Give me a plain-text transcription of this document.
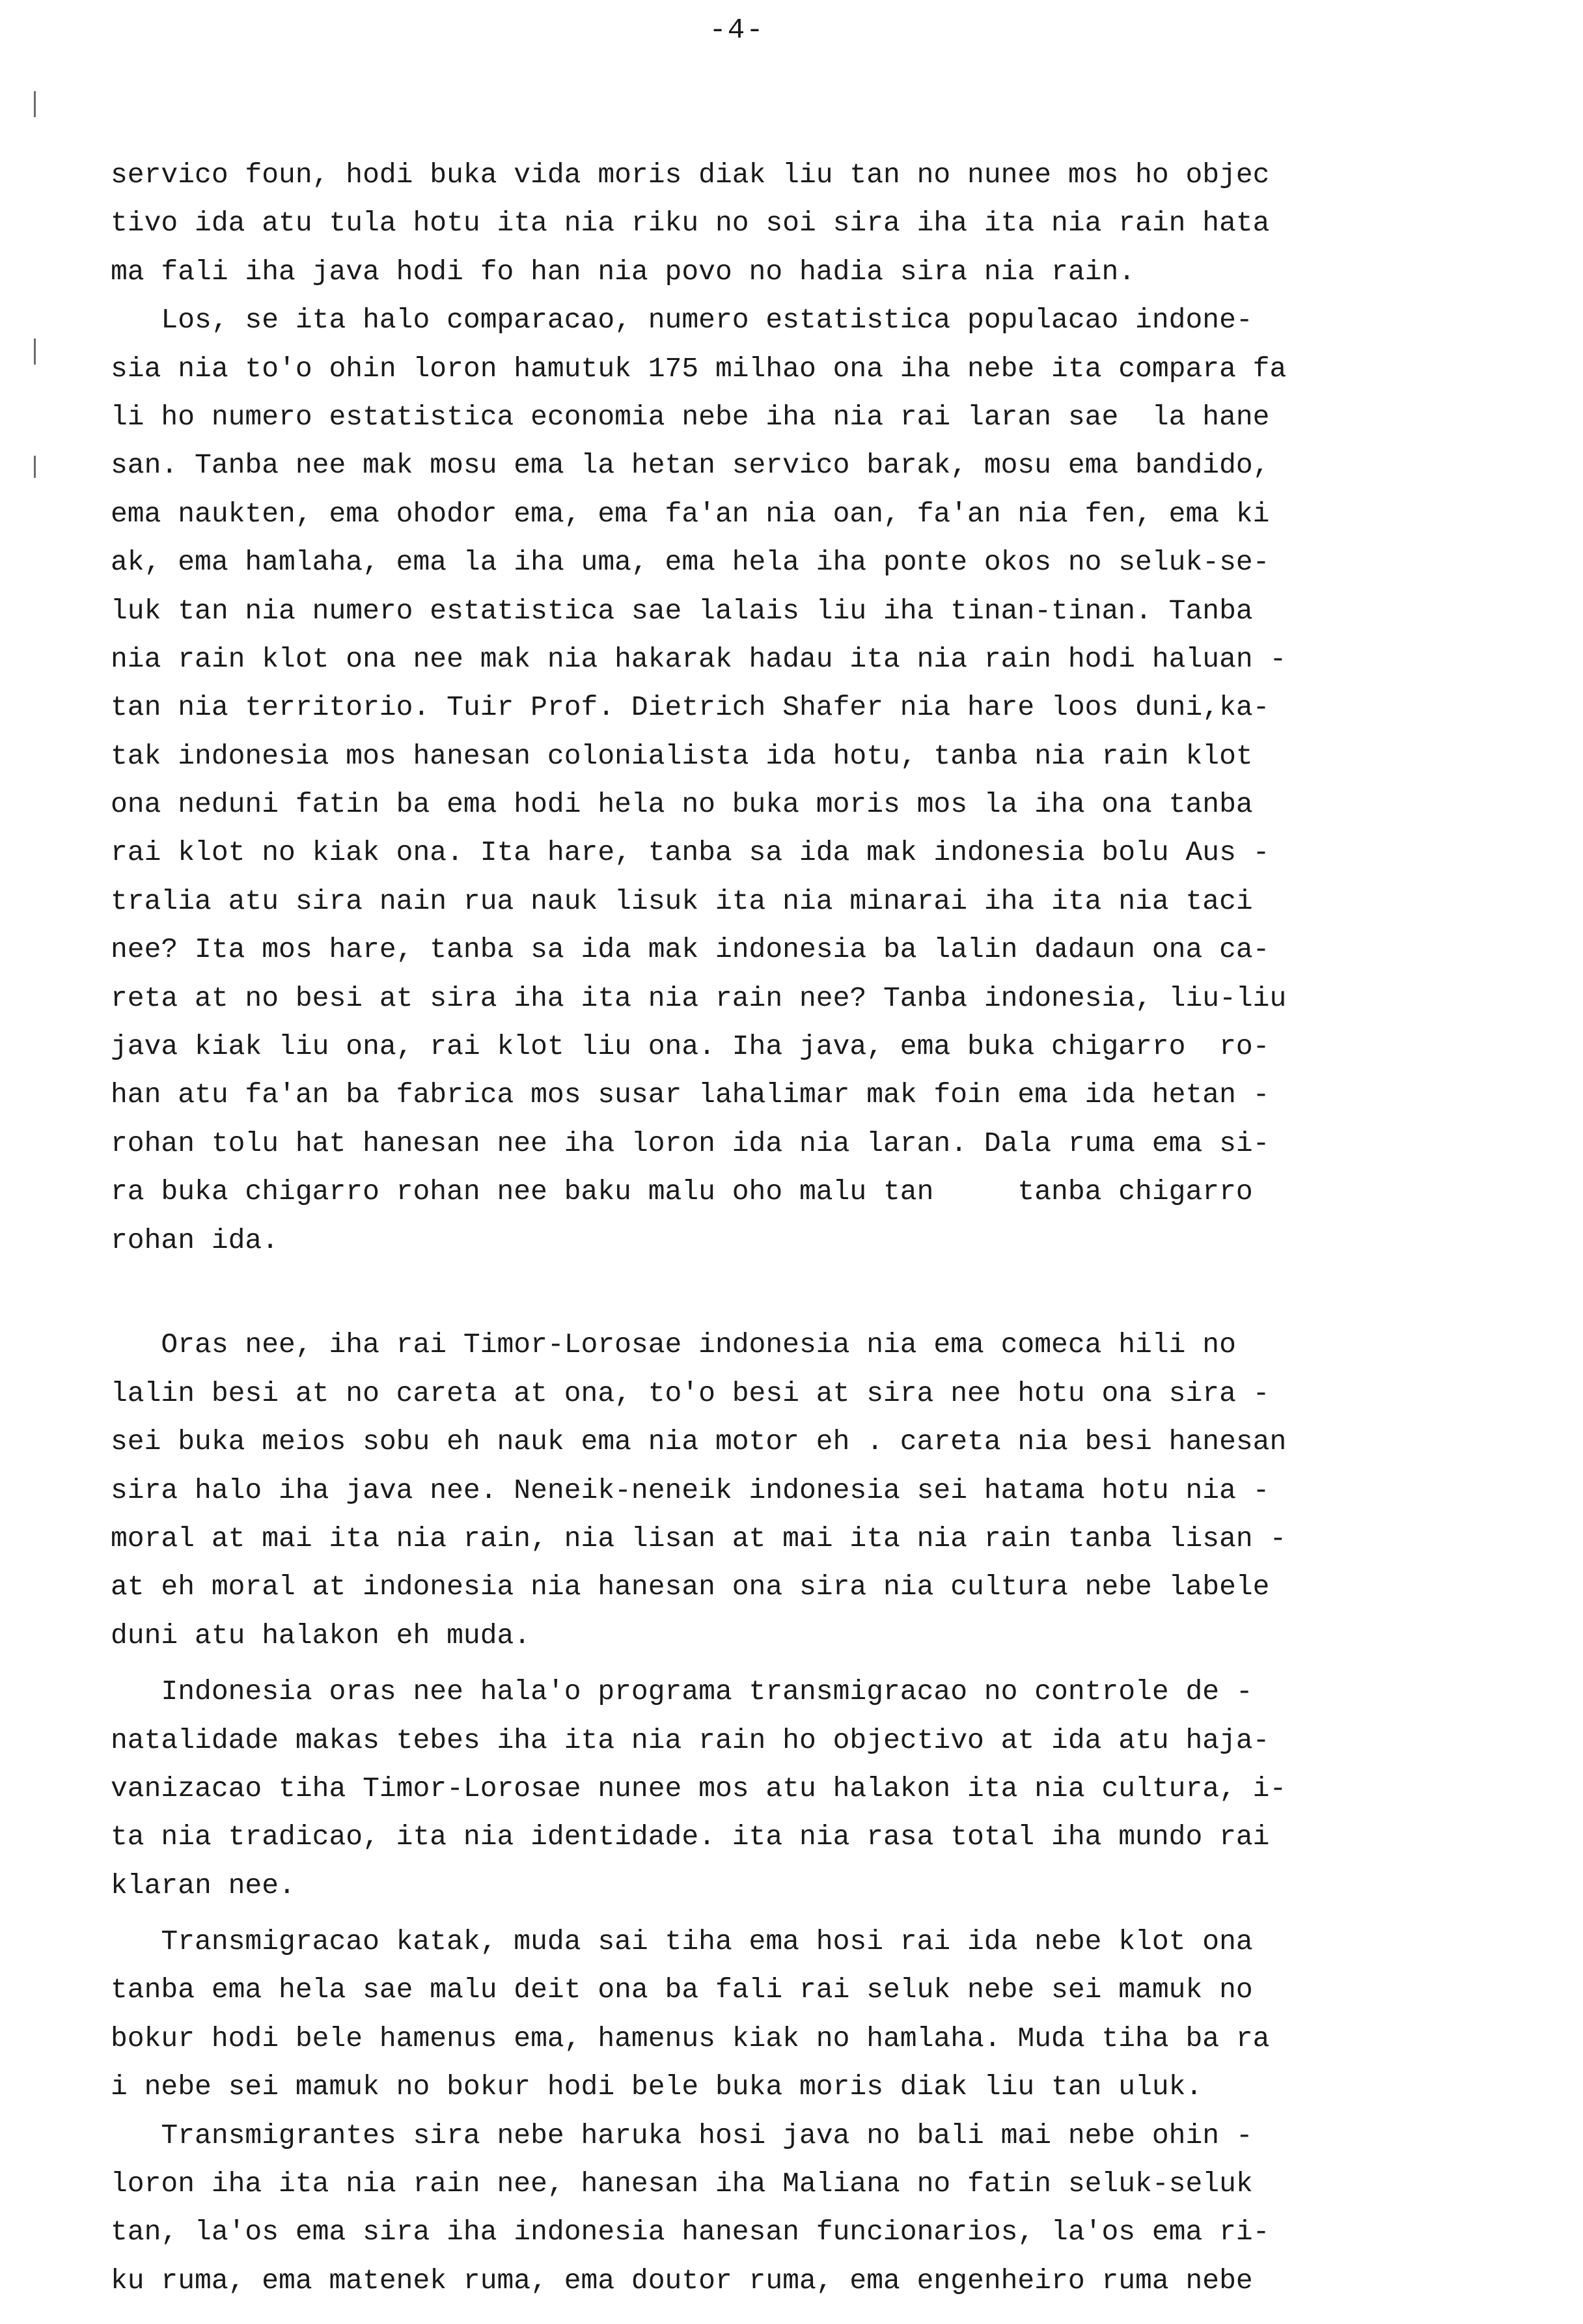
-4-
servico foun, hodi buka vida moris diak liu tan no nunee mos ho objec
tivo ida atu tula hotu ita nia riku no soi sira iha ita nia rain hata
ma fali iha java hodi fo han nia povo no hadia sira nia rain.
Los, se ita halo comparacao, numero estatistica populacao indone-
sia nia to'o ohin loron hamutuk 175 milhao ona iha nebe ita compara fa
li ho numero estatistica economia nebe iha nia rai laran sae  la hane
san. Tanba nee mak mosu ema la hetan servico barak, mosu ema bandido,
ema naukten, ema ohodor ema, ema fa'an nia oan, fa'an nia fen, ema ki
ak, ema hamlaha, ema la iha uma, ema hela iha ponte okos no seluk-se-
luk tan nia numero estatistica sae lalais liu iha tinan-tinan. Tanba
nia rain klot ona nee mak nia hakarak hadau ita nia rain hodi haluan -
tan nia territorio. Tuir Prof. Dietrich Shafer nia hare loos duni,ka-
tak indonesia mos hanesan colonialista ida hotu, tanba nia rain klot
ona neduni fatin ba ema hodi hela no buka moris mos la iha ona tanba
rai klot no kiak ona. Ita hare, tanba sa ida mak indonesia bolu Aus -
tralia atu sira nain rua nauk lisuk ita nia minarai iha ita nia taci
nee? Ita mos hare, tanba sa ida mak indonesia ba lalin dadaun ona ca-
reta at no besi at sira iha ita nia rain nee? Tanba indonesia, liu-liu
java kiak liu ona, rai klot liu ona. Iha java, ema buka chigarro  ro-
han atu fa'an ba fabrica mos susar lahalimar mak foin ema ida hetan -
rohan tolu hat hanesan nee iha loron ida nia laran. Dala ruma ema si-
ra buka chigarro rohan nee baku malu oho malu tan     tanba chigarro
rohan ida.
Oras nee, iha rai Timor-Lorosae indonesia nia ema comeca hili no
lalin besi at no careta at ona, to'o besi at sira nee hotu ona sira -
sei buka meios sobu eh nauk ema nia motor eh . careta nia besi hanesan
sira halo iha java nee. Neneik-neneik indonesia sei hatama hotu nia -
moral at mai ita nia rain, nia lisan at mai ita nia rain tanba lisan -
at eh moral at indonesia nia hanesan ona sira nia cultura nebe labele
duni atu halakon eh muda.
Indonesia oras nee hala'o programa transmigracao no controle de -
natalidade makas tebes iha ita nia rain ho objectivo at ida atu haja-
vanizacao tiha Timor-Lorosae nunee mos atu halakon ita nia cultura, i-
ta nia tradicao, ita nia identidade. ita nia rasa total iha mundo rai
klaran nee.
Transmigracao katak, muda sai tiha ema hosi rai ida nebe klot ona
tanba ema hela sae malu deit ona ba fali rai seluk nebe sei mamuk no
bokur hodi bele hamenus ema, hamenus kiak no hamlaha. Muda tiha ba ra
i nebe sei mamuk no bokur hodi bele buka moris diak liu tan uluk.
Transmigrantes sira nebe haruka hosi java no bali mai nebe ohin -
loron iha ita nia rain nee, hanesan iha Maliana no fatin seluk-seluk
tan, la'os ema sira iha indonesia hanesan funcionarios, la'os ema ri-
ku ruma, ema matenek ruma, ema doutor ruma, ema engenheiro ruma nebe
